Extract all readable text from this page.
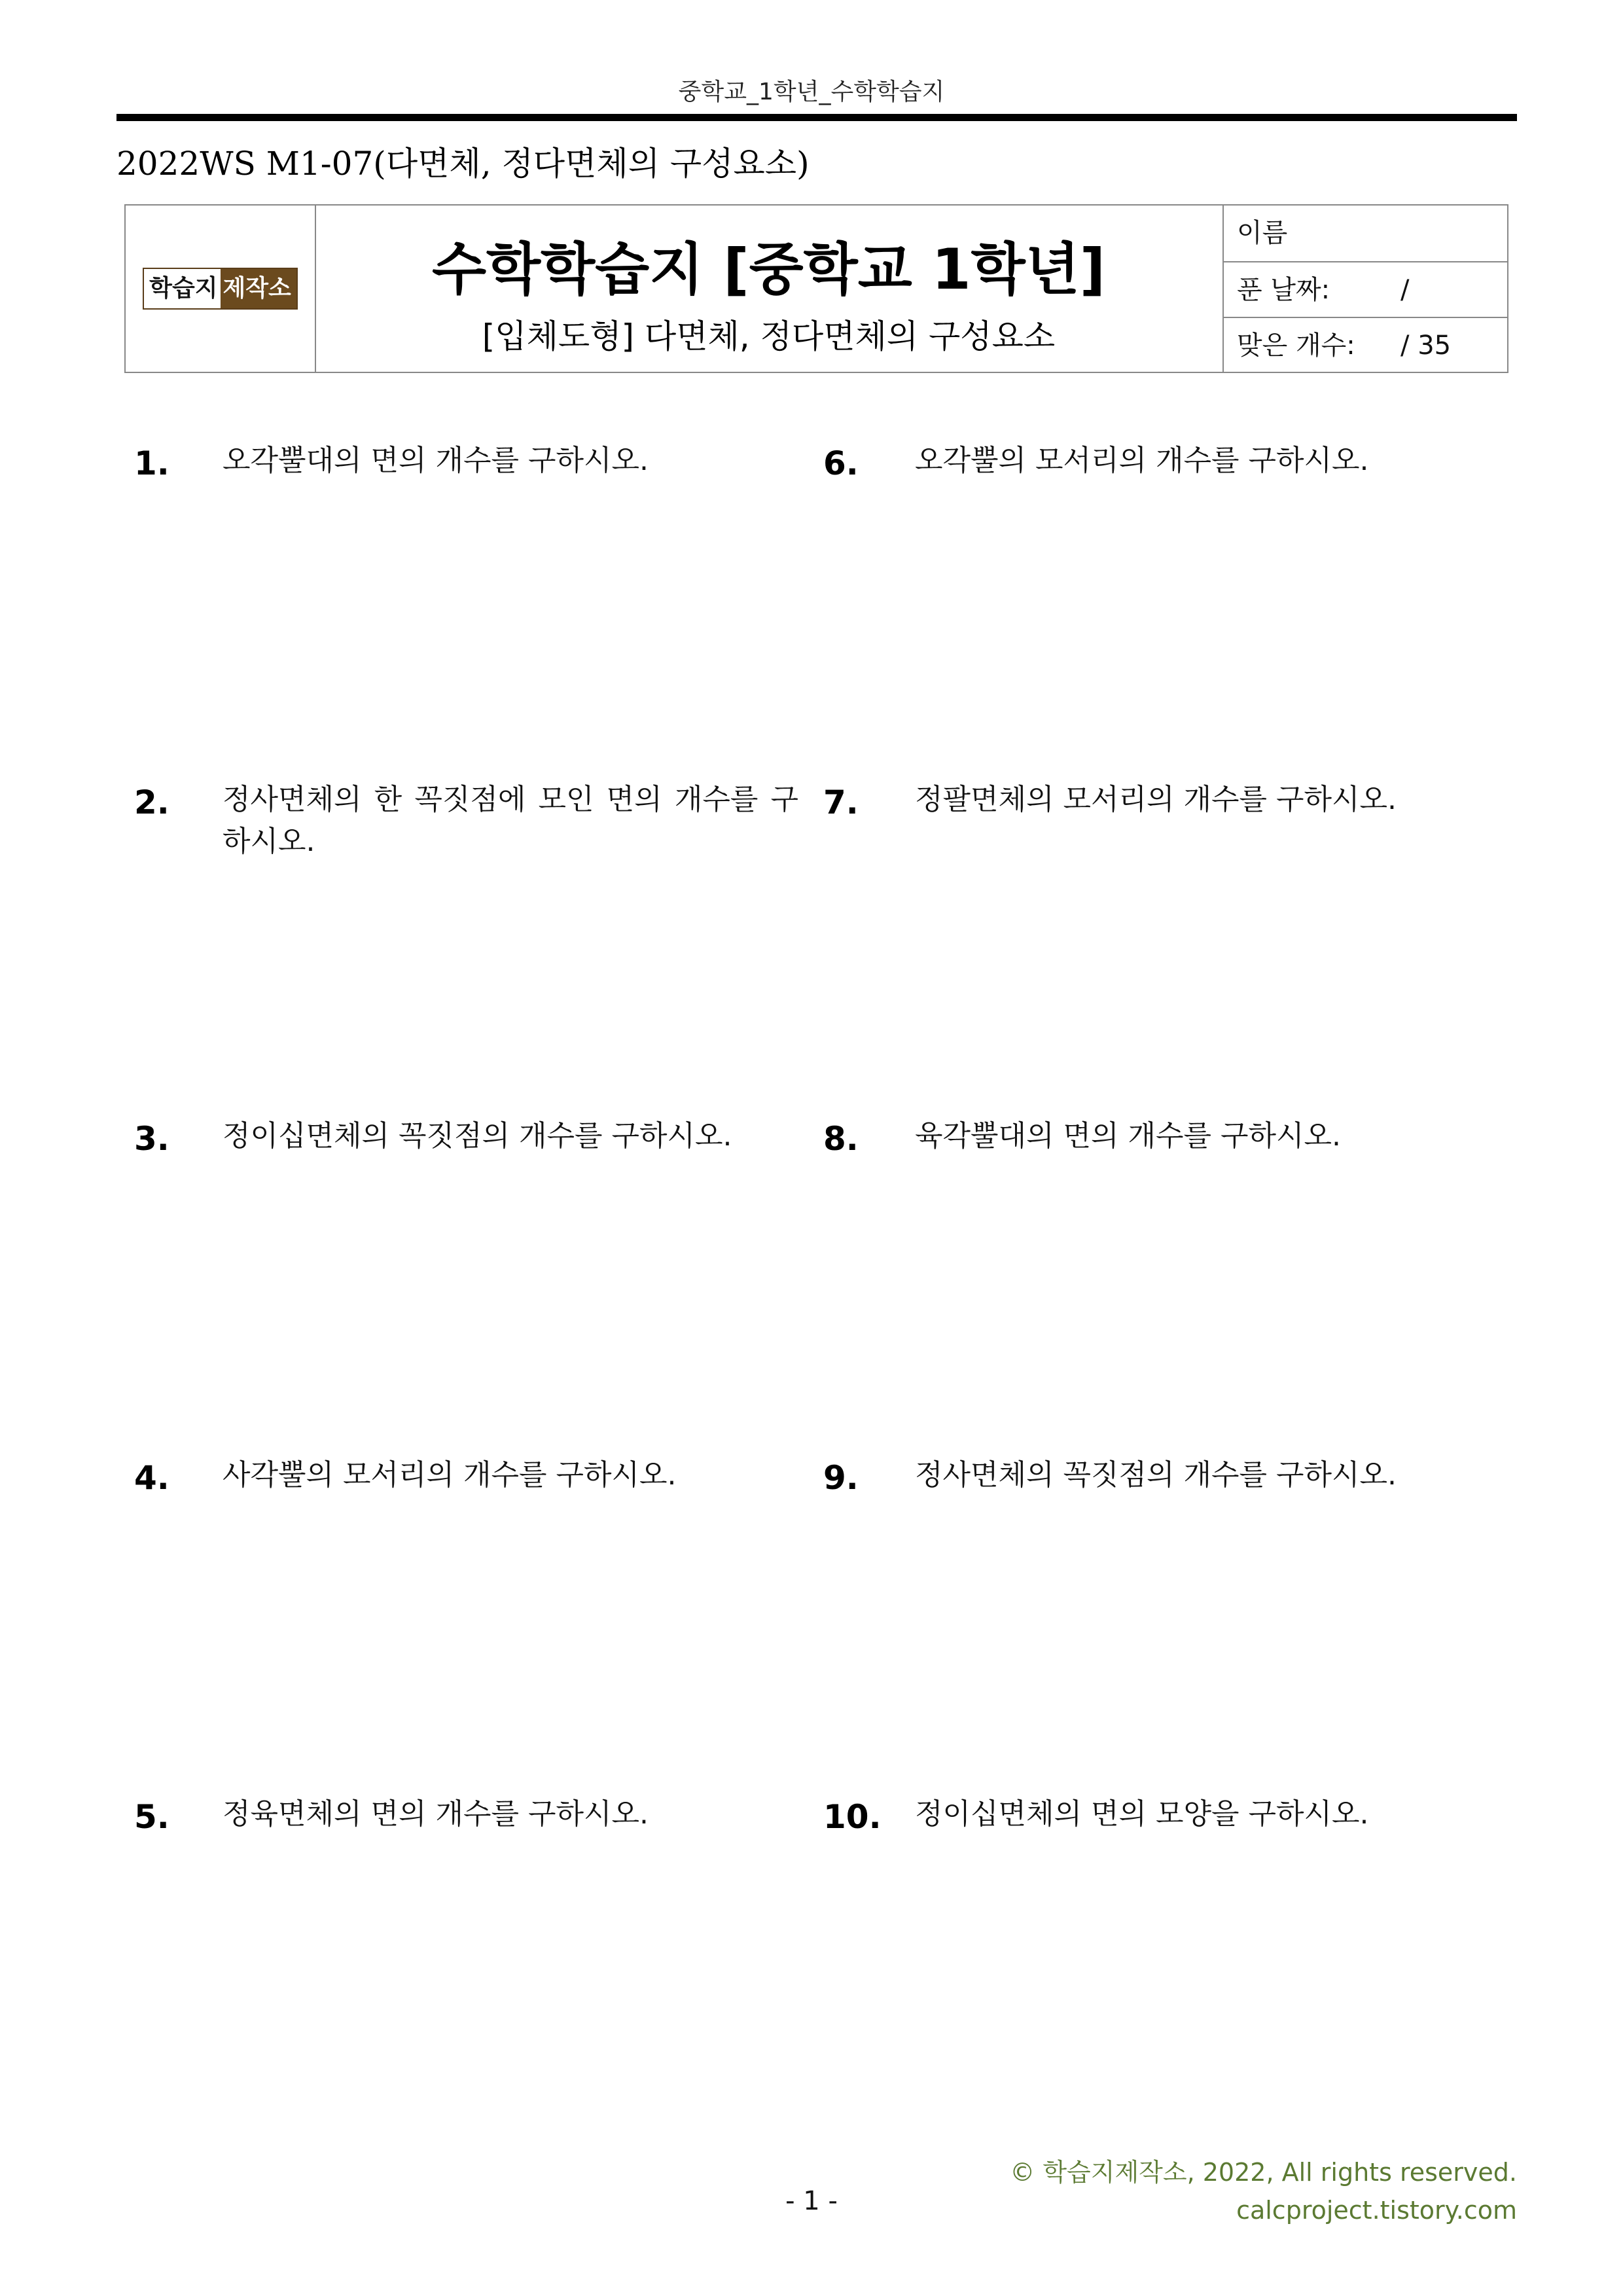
중학교_1학년_수학학습지
2022WS M1-07(다면체, 정다면체의 구성요소)
학습지 제작소	수학학습지 [중학교 1학년]
[입체도형] 다면체, 정다면체의 구성요소
이름
푼 날짜:	/
맞은 개수: / 35
1. 오각뿔대의 면의 개수를 구하시오.
2. 정사면체의 한 꼭짓점에 모인 면의 개수를 구하시오.
3. 정이십면체의 꼭짓점의 개수를 구하시오.
4. 사각뿔의 모서리의 개수를 구하시오.
5. 정육면체의 면의 개수를 구하시오.
6. 오각뿔의 모서리의 개수를 구하시오.
7. 정팔면체의 모서리의 개수를 구하시오.
8. 육각뿔대의 면의 개수를 구하시오.
9. 정사면체의 꼭짓점의 개수를 구하시오.
10. 정이십면체의 면의 모양을 구하시오.
© 학습지제작소, 2022, All rights reserved.
calcproject.tistory.com
- 1 -
